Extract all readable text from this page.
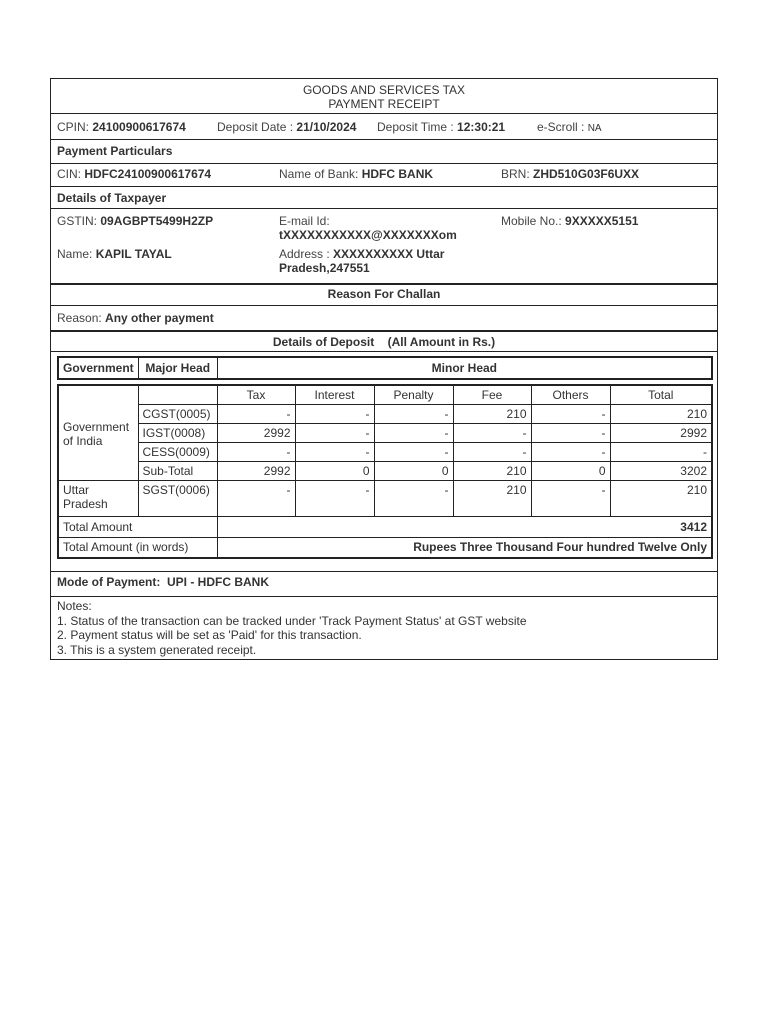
GOODS AND SERVICES TAX
PAYMENT RECEIPT
CPIN: 24100900617674	Deposit Date : 21/10/2024 Deposit Time : 12:30:21	e-Scroll : NA
Payment Particulars
CIN: HDFC24100900617674	Name of Bank: HDFC BANK	BRN: ZHD510G03F6UXX
Details of Taxpayer
GSTIN: 09AGBPT5499H2ZP	E-mail Id:
tXXXXXXXXXXX@XXXXXXXom
Mobile No.: 9XXXXX5151
Name: KAPIL TAYAL	Address : XXXXXXXXXX Uttar
Pradesh,247551
Reason For Challan
Reason: Any other payment
Details of Deposit (All Amount in Rs.)
Government	Major Head	Minor Head
		Tax	Interest	Penalty	Fee	Others	Total
Government of India	CGST(0005)	-	-	-	210	-	210
	IGST(0008)	2992	-	-	-	-	2992
	CESS(0009)	-	-	-	-	-	-
	Sub-Total	2992	0	0	210	0	3202

Uttar
Pradesh	SGST(0006)	-	-	-	210	-	210
Total Amount		3412					
Total Amount (in words)		Rupees Three Thousand Four hundred Twelve Only					
Mode of Payment: UPI - HDFC BANK
Notes:
1. Status of the transaction can be tracked under 'Track Payment Status' at GST website
2. Payment status will be set as 'Paid' for this transaction.
3. This is a system generated receipt.
